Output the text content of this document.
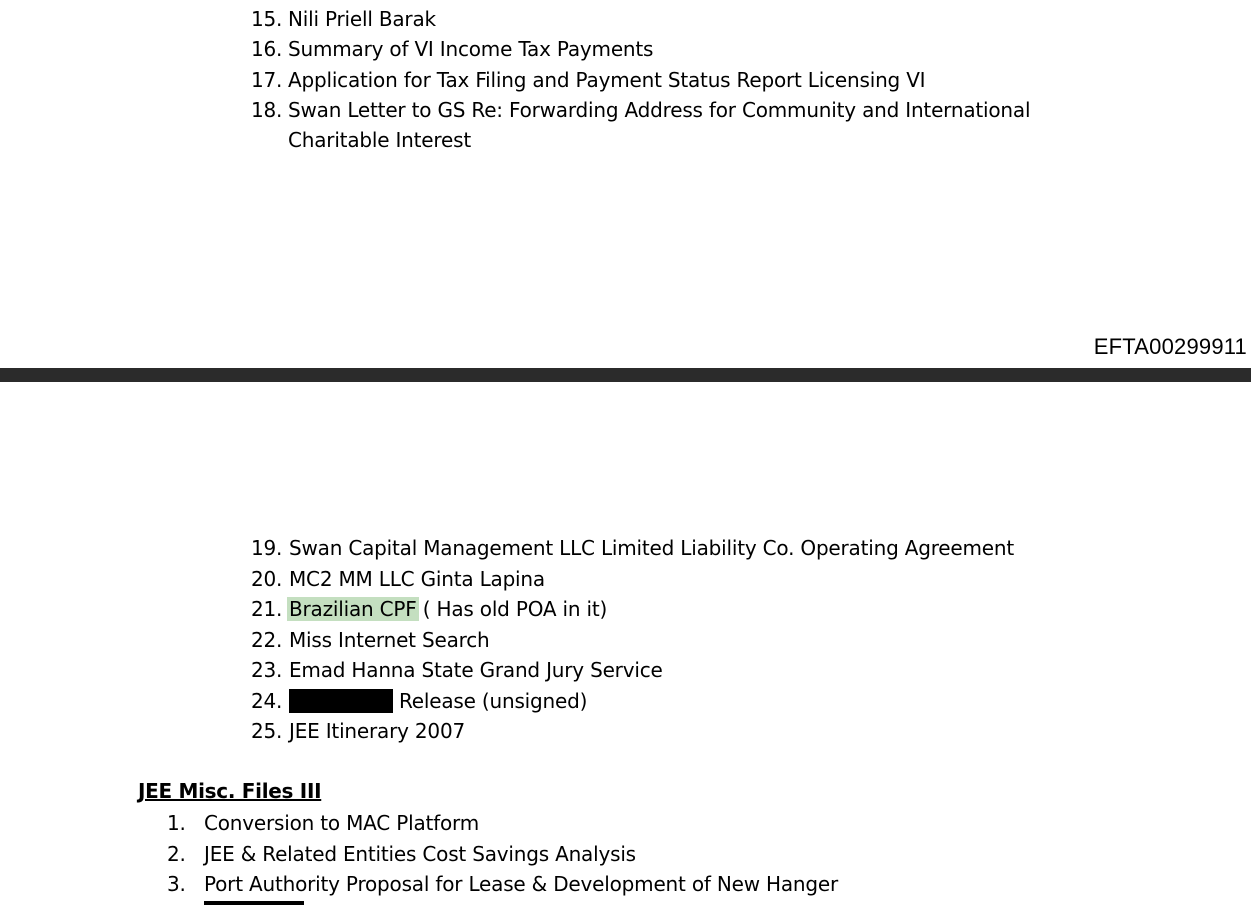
15. Nili Priell Barak
16. Summary of VI Income Tax Payments
17. Application for Tax Filing and Payment Status Report Licensing VI
18. Swan Letter to GS Re: Forwarding Address for Community and International Charitable Interest
EFTA00299911
19. Swan Capital Management LLC Limited Liability Co. Operating Agreement
20. MC2 MM LLC Ginta Lapina
21. Brazilian CPF ( Has old POA in it)
22. Miss Internet Search
23. Emad Hanna State Grand Jury Service
24.	Release (unsigned)
25. JEE Itinerary 2007
JEE Misc. Files III
1. Conversion to MAC Platform
2. JEE & Related Entities Cost Savings Analysis
3. Port Authority Proposal for Lease & Development of New Hanger
